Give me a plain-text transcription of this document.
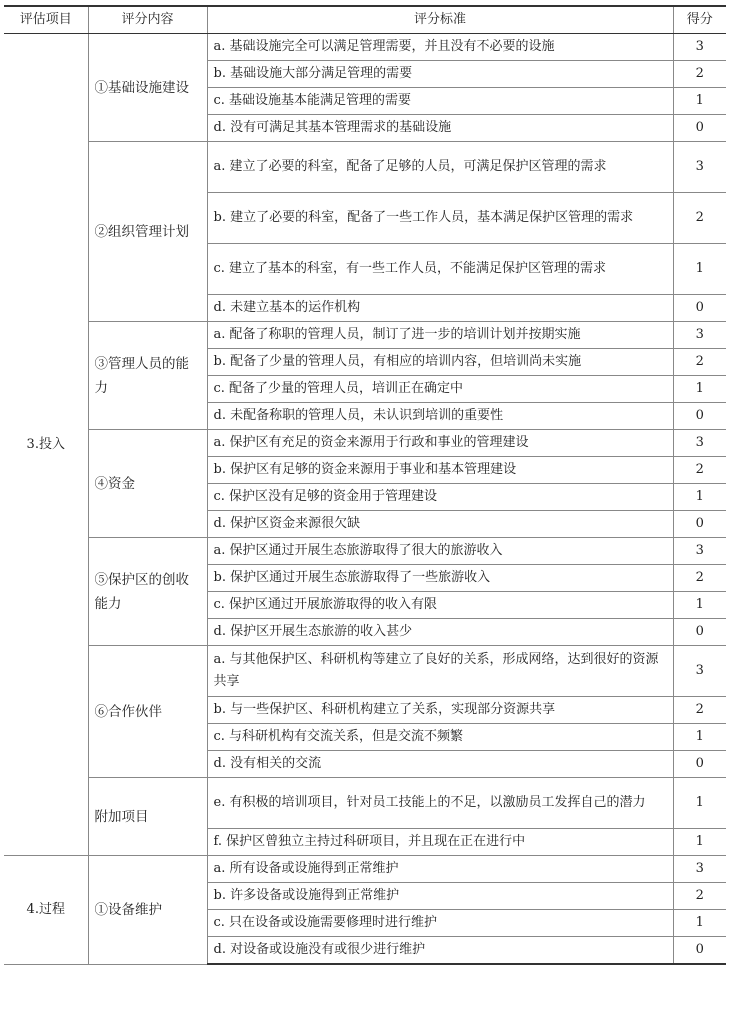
评估项目	评分内容	评分标准	得分
3.投入	①基础设施建设	a. 基础设施完全可以满足管理需要，并且没有不必要的设施	3
		b. 基础设施大部分满足管理的需要	2
		c. 基础设施基本能满足管理的需要	1
		d. 没有可满足其基本管理需求的基础设施	0
	②组织管理计划	a. 建立了必要的科室，配备了足够的人员，可满足保护区管理的需求	3
		b. 建立了必要的科室，配备了一些工作人员，基本满足保护区管理的需求	2
		c. 建立了基本的科室，有一些工作人员，不能满足保护区管理的需求	1
		d. 未建立基本的运作机构	0
	③管理人员的能力	a. 配备了称职的管理人员，制订了进一步的培训计划并按期实施	3
		b. 配备了少量的管理人员，有相应的培训内容，但培训尚未实施	2
		c. 配备了少量的管理人员，培训正在确定中	1
		d. 未配备称职的管理人员，未认识到培训的重要性	0
	④资金	a. 保护区有充足的资金来源用于行政和事业的管理建设	3
		b. 保护区有足够的资金来源用于事业和基本管理建设	2
		c. 保护区没有足够的资金用于管理建设	1
		d. 保护区资金来源很欠缺	0
	⑤保护区的创收能力	a. 保护区通过开展生态旅游取得了很大的旅游收入	3
		b. 保护区通过开展生态旅游取得了一些旅游收入	2
		c. 保护区通过开展旅游取得的收入有限	1
		d. 保护区开展生态旅游的收入甚少	0
	⑥合作伙伴	a. 与其他保护区、科研机构等建立了良好的关系，形成网络，达到很好的资源共享	3
		b. 与一些保护区、科研机构建立了关系，实现部分资源共享	2
		c. 与科研机构有交流关系，但是交流不频繁	1
		d. 没有相关的交流	0
	附加项目	e. 有积极的培训项目，针对员工技能上的不足，以激励员工发挥自己的潜力	1
		f. 保护区曾独立主持过科研项目，并且现在正在进行中	1
4.过程	①设备维护	a. 所有设备或设施得到正常维护	3
		b. 许多设备或设施得到正常维护	2
		c. 只在设备或设施需要修理时进行维护	1
		d. 对设备或设施没有或很少进行维护	0
